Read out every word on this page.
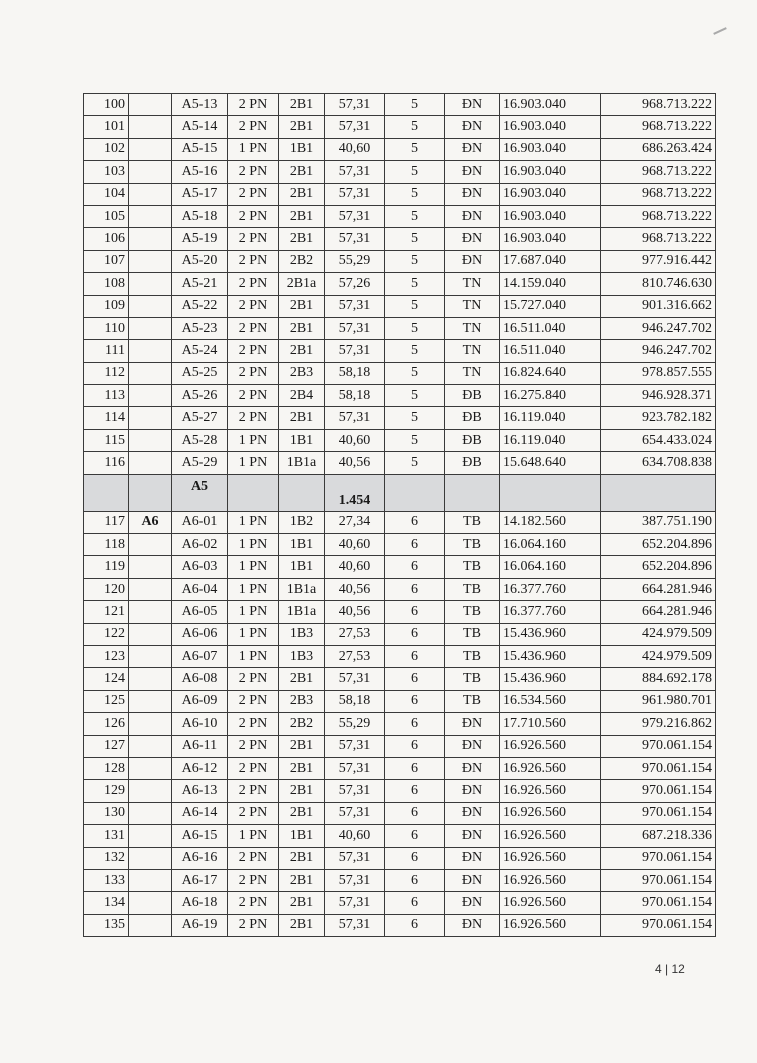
100		A5-13	2 PN	2B1	57,31	5	ĐN	16.903.040	968.713.222
101		A5-14	2 PN	2B1	57,31	5	ĐN	16.903.040	968.713.222
102		A5-15	1 PN	1B1	40,60	5	ĐN	16.903.040	686.263.424
103		A5-16	2 PN	2B1	57,31	5	ĐN	16.903.040	968.713.222
104		A5-17	2 PN	2B1	57,31	5	ĐN	16.903.040	968.713.222
105		A5-18	2 PN	2B1	57,31	5	ĐN	16.903.040	968.713.222
106		A5-19	2 PN	2B1	57,31	5	ĐN	16.903.040	968.713.222
107		A5-20	2 PN	2B2	55,29	5	ĐN	17.687.040	977.916.442
108		A5-21	2 PN	2B1a	57,26	5	TN	14.159.040	810.746.630
109		A5-22	2 PN	2B1	57,31	5	TN	15.727.040	901.316.662
110		A5-23	2 PN	2B1	57,31	5	TN	16.511.040	946.247.702
111		A5-24	2 PN	2B1	57,31	5	TN	16.511.040	946.247.702
112		A5-25	2 PN	2B3	58,18	5	TN	16.824.640	978.857.555
113		A5-26	2 PN	2B4	58,18	5	ĐB	16.275.840	946.928.371
114		A5-27	2 PN	2B1	57,31	5	ĐB	16.119.040	923.782.182
115		A5-28	1 PN	1B1	40,60	5	ĐB	16.119.040	654.433.024
116		A5-29	1 PN	1B1a	40,56	5	ĐB	15.648.640	634.708.838
		A5			1.454				
117	A6	A6-01	1 PN	1B2	27,34	6	TB	14.182.560	387.751.190
118		A6-02	1 PN	1B1	40,60	6	TB	16.064.160	652.204.896
119		A6-03	1 PN	1B1	40,60	6	TB	16.064.160	652.204.896
120		A6-04	1 PN	1B1a	40,56	6	TB	16.377.760	664.281.946
121		A6-05	1 PN	1B1a	40,56	6	TB	16.377.760	664.281.946
122		A6-06	1 PN	1B3	27,53	6	TB	15.436.960	424.979.509
123		A6-07	1 PN	1B3	27,53	6	TB	15.436.960	424.979.509
124		A6-08	2 PN	2B1	57,31	6	TB	15.436.960	884.692.178
125		A6-09	2 PN	2B3	58,18	6	TB	16.534.560	961.980.701
126		A6-10	2 PN	2B2	55,29	6	ĐN	17.710.560	979.216.862
127		A6-11	2 PN	2B1	57,31	6	ĐN	16.926.560	970.061.154
128		A6-12	2 PN	2B1	57,31	6	ĐN	16.926.560	970.061.154
129		A6-13	2 PN	2B1	57,31	6	ĐN	16.926.560	970.061.154
130		A6-14	2 PN	2B1	57,31	6	ĐN	16.926.560	970.061.154
131		A6-15	1 PN	1B1	40,60	6	ĐN	16.926.560	687.218.336
132		A6-16	2 PN	2B1	57,31	6	ĐN	16.926.560	970.061.154
133		A6-17	2 PN	2B1	57,31	6	ĐN	16.926.560	970.061.154
134		A6-18	2 PN	2B1	57,31	6	ĐN	16.926.560	970.061.154
135		A6-19	2 PN	2B1	57,31	6	ĐN	16.926.560	970.061.154
4 | 12
